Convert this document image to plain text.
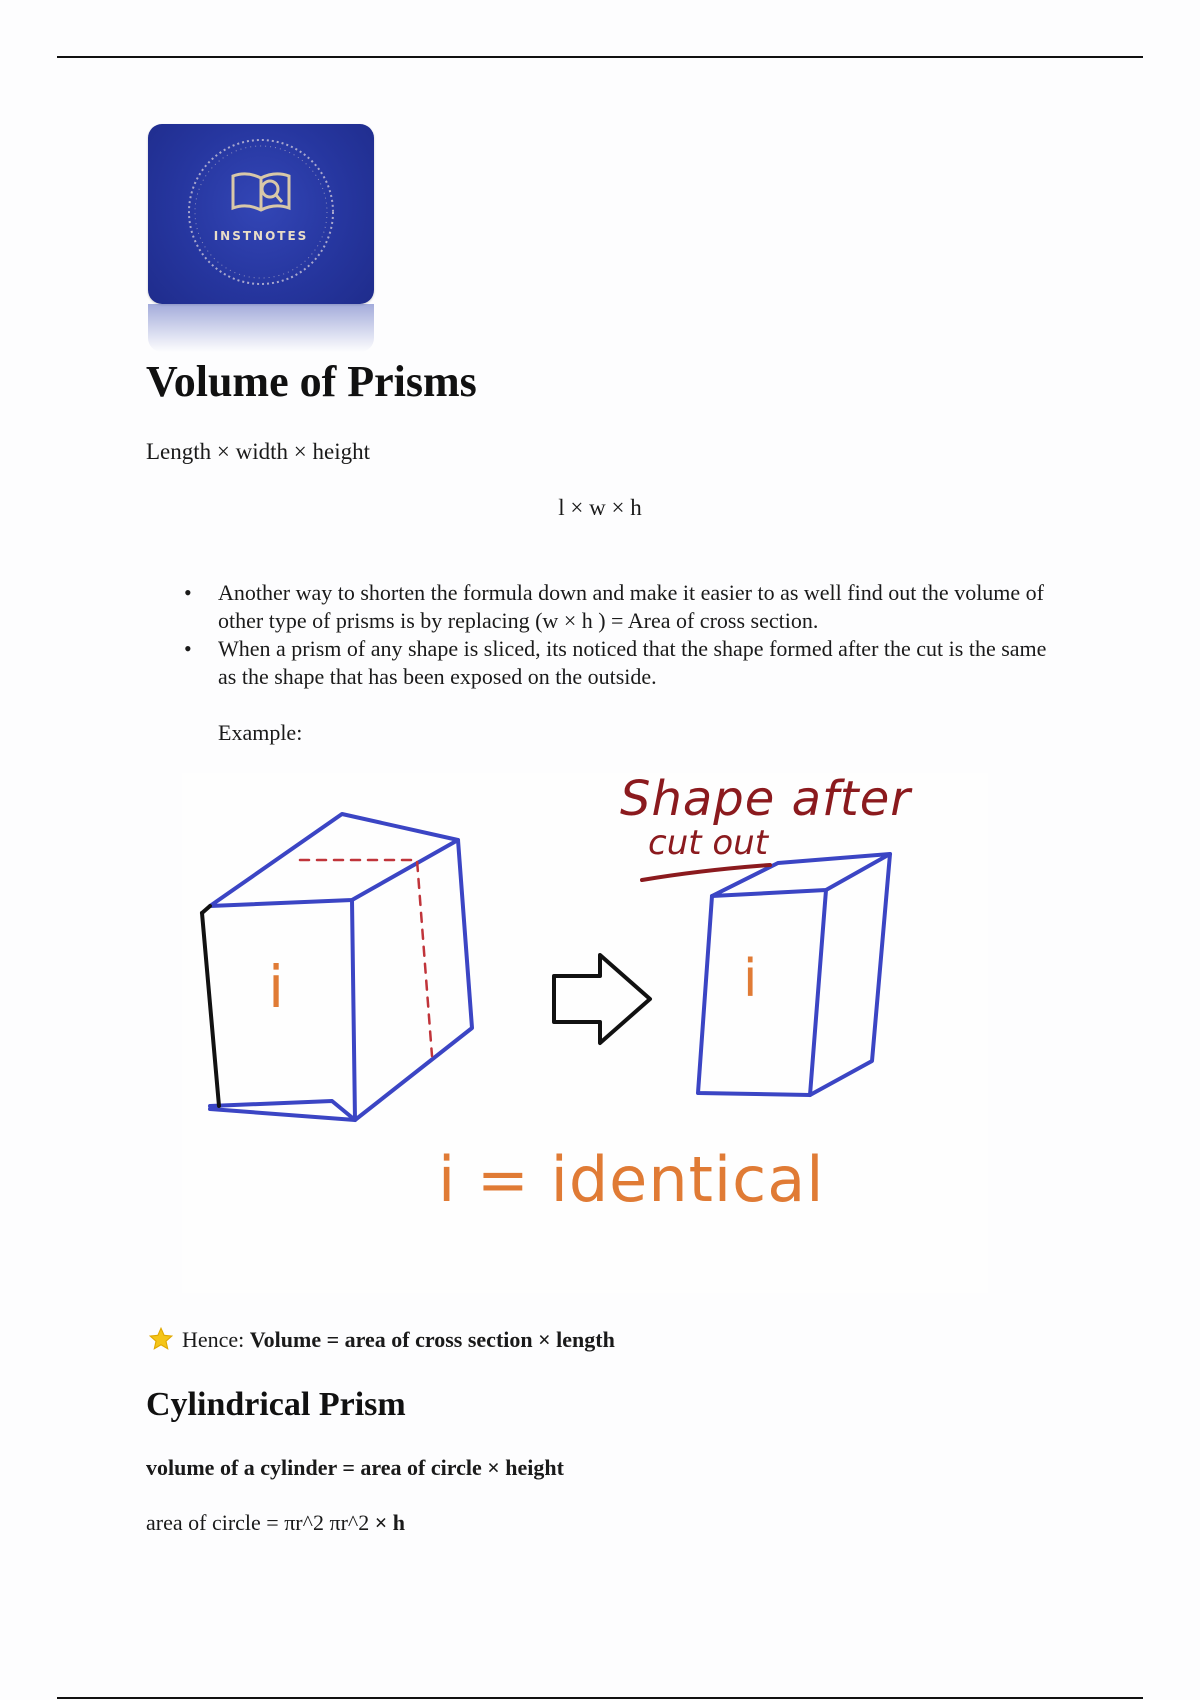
INSTNOTES
Volume of Prisms

Length × width × height

l × w × h

• Another way to shorten the formula down and make it easier to as well find out the volume of other type of prisms is by replacing (w × h ) = Area of cross section.
• When a prism of any shape is sliced, its noticed that the shape formed after the cut is the same as the shape that has been exposed on the outside.

Example:

i	i
Shape after
cut out
i = identical

Hence: Volume = area of cross section × length

Cylindrical Prism

volume of a cylinder = area of circle × height

area of circle = πr^2 πr^2 × h
